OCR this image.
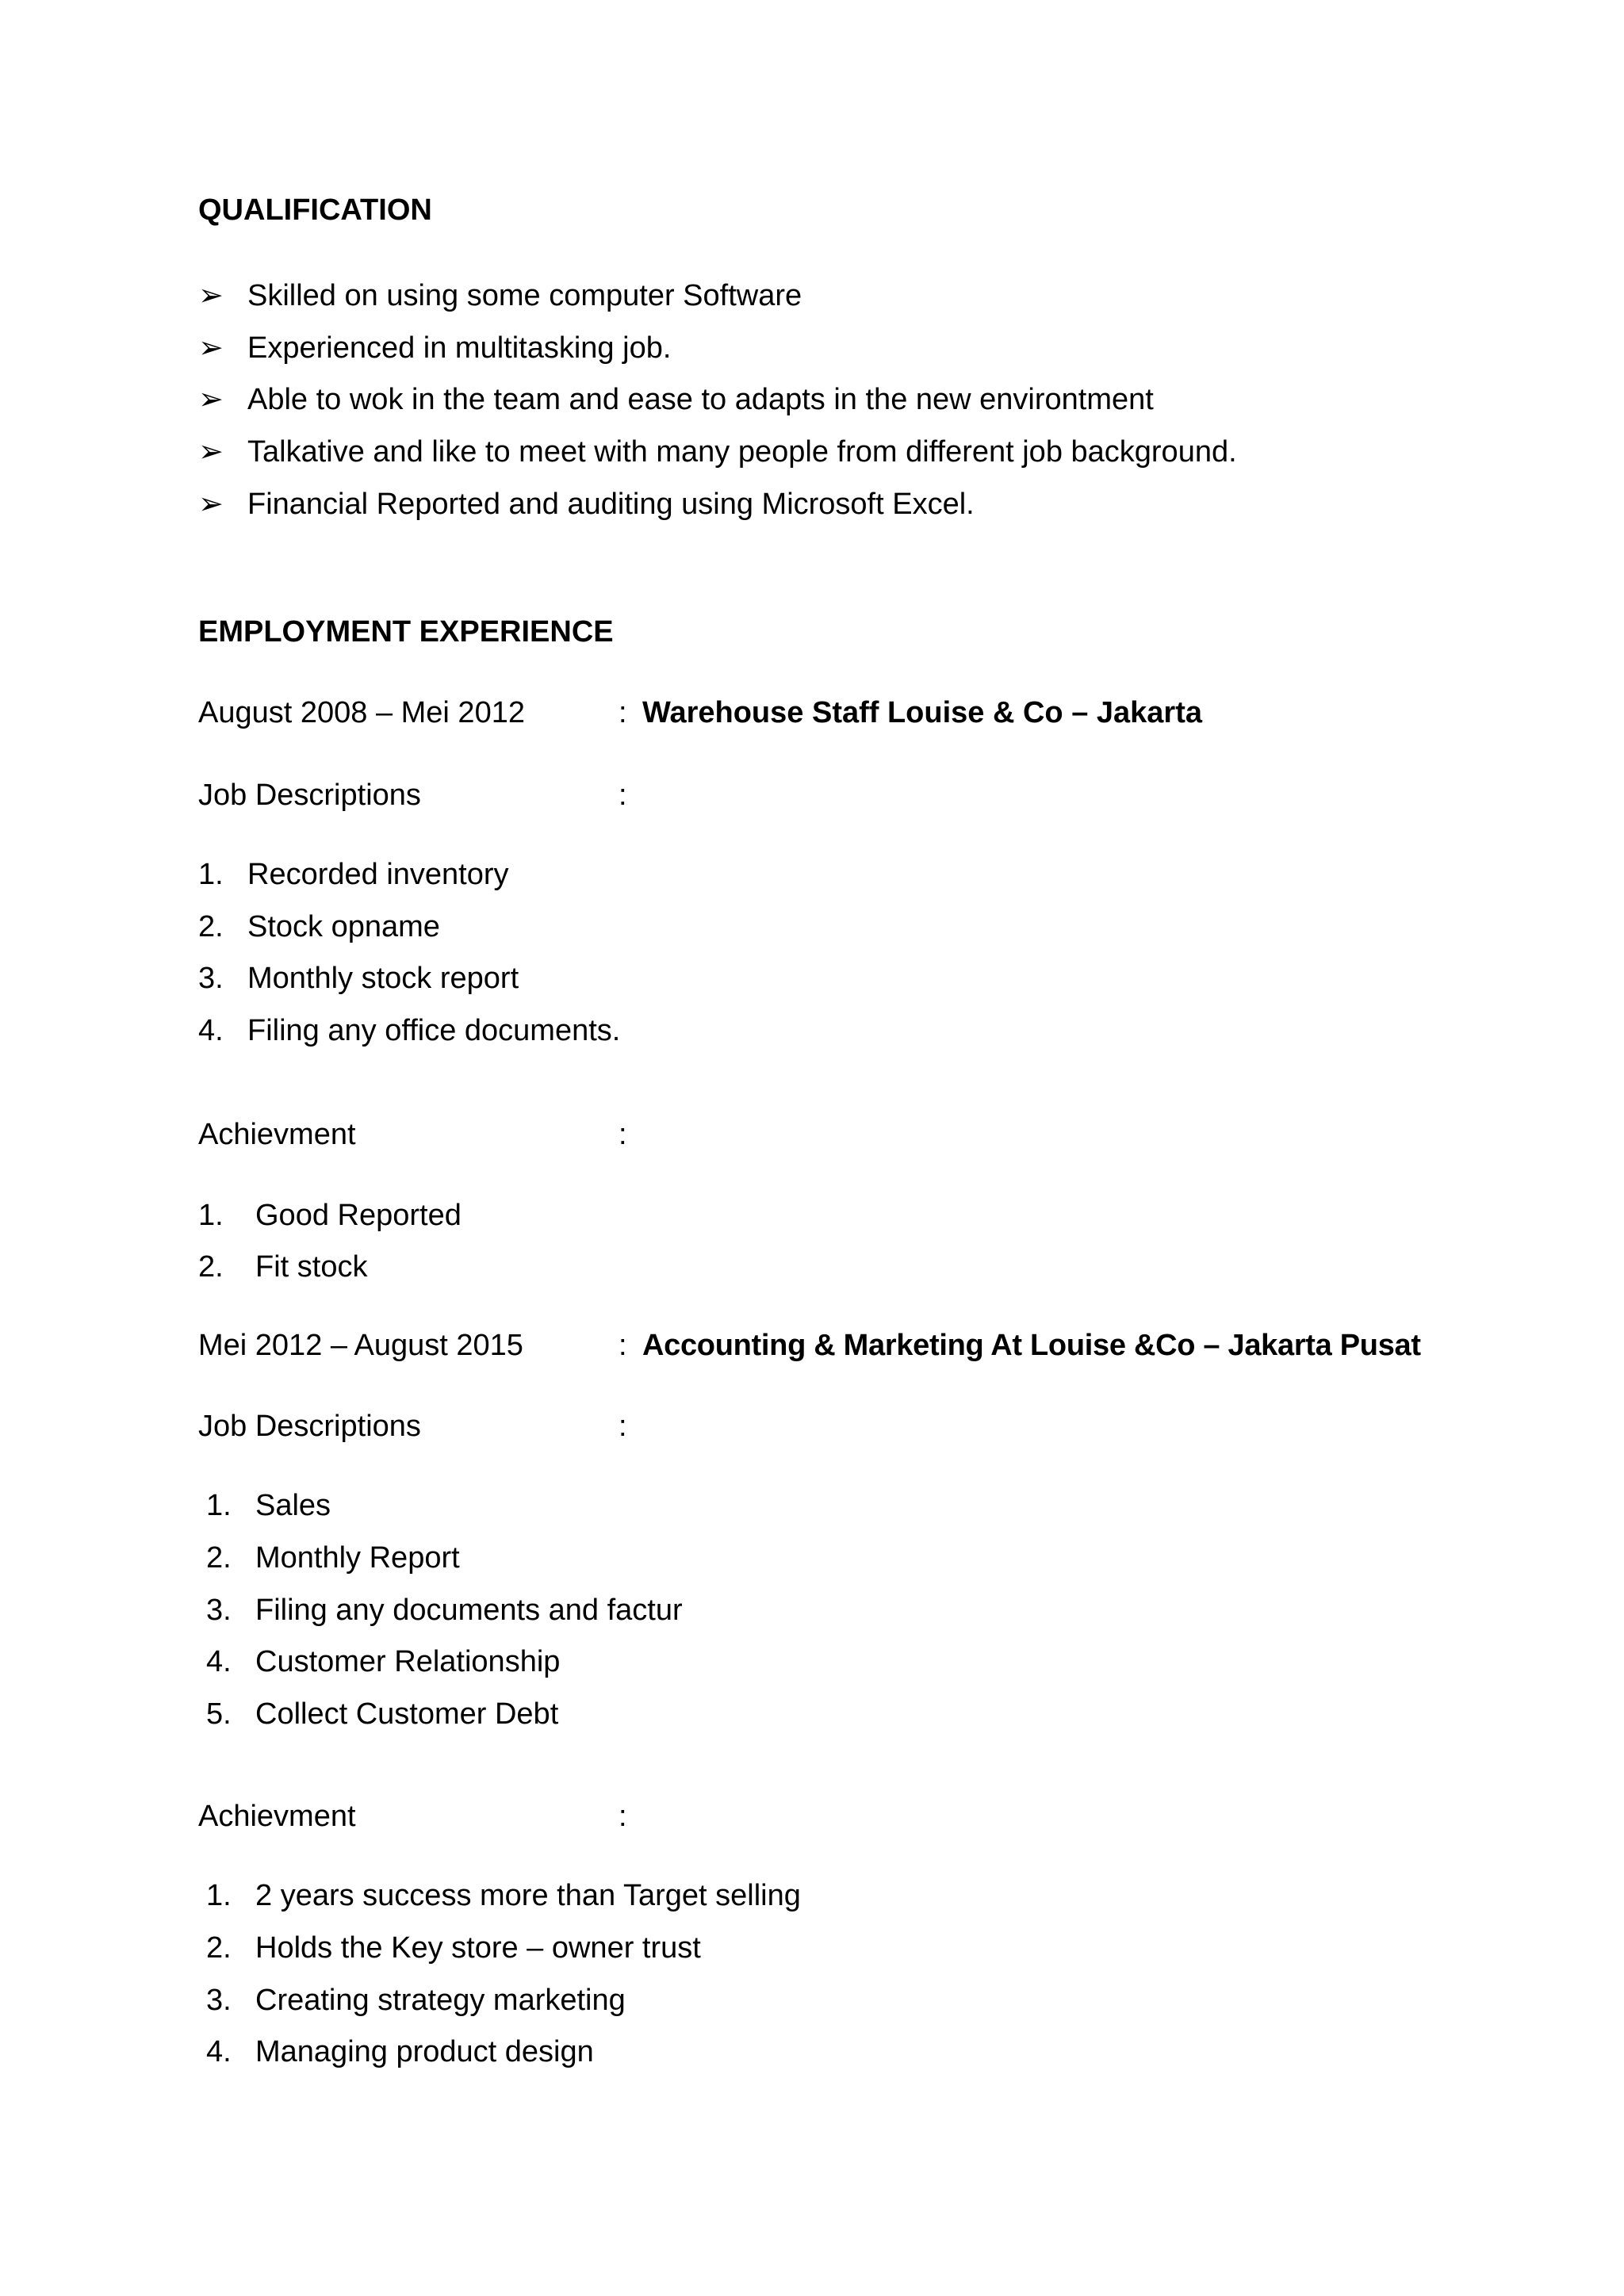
QUALIFICATION
➢ Skilled on using some computer Software
➢ Experienced in multitasking job.
➢ Able to wok in the team and ease to adapts in the new environtment
➢ Talkative and like to meet with many people from different job background.
➢ Financial Reported and auditing using Microsoft Excel.
EMPLOYMENT EXPERIENCE
August 2008 – Mei 2012	: Warehouse Staff Louise & Co – Jakarta
Job Descriptions	:
1. Recorded inventory
2. Stock opname
3. Monthly stock report
4. Filing any office documents.
Achievment	:
1. Good Reported
2. Fit stock
Mei 2012 – August 2015	: Accounting & Marketing At Louise &Co – Jakarta Pusat
Job Descriptions	:
1. Sales
2. Monthly Report
3. Filing any documents and factur
4. Customer Relationship
5. Collect Customer Debt
Achievment	:
1. 2 years success more than Target selling
2. Holds the Key store – owner trust
3. Creating strategy marketing
4. Managing product design
